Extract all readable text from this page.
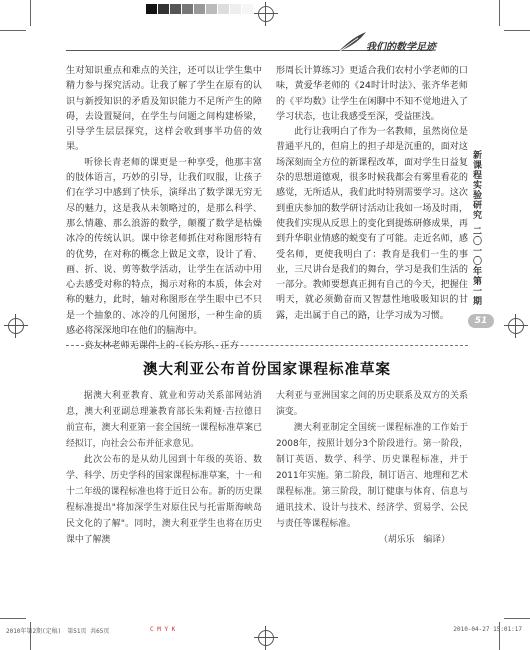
我们的数学足迹
新课程实验研究
二〇一〇年第一期
51

生对知识重点和难点的关注，还可以让学生集中精力参与探究活动。让我了解了学生在原有的认识与新授知识的矛盾及知识能力不足所产生的障碍，去设置疑问，在学生与问题之间构建桥梁，引导学生层层探究，这样会收到事半功倍的效果。

听徐长青老师的课更是一种享受，他那丰富的肢体语言，巧妙的引导，让我们叹服，让孩子们在学习中感到了快乐，演绎出了数学课无穷无尽的魅力，这是我从未领略过的，是那么科学、那么情趣、那么浪游的数学，颠覆了数学是枯燥冰冷的传统认识。课中徐老师抓住对称图形特有的优势，在对称的概念上做足文章，设计了看、画、折、说、剪等数学活动，让学生在活动中用心去感受对称的特点，揭示对称的本质，体会对称的魅力，此时，轴对称图形在学生眼中已不只是一个抽象的、冰冷的几何图形，一种生命的质感必将深深地印在他们的脑海中。

贲友林老师无课件上的《长方形、正方

形周长计算练习》更适合我们农村小学老师的口味，黄爱华老师的《24时计时法》、张齐华老师的《平均数》让学生在闲聊中不知不觉地进入了学习状态，也让我感受至深，受益匪浅。

此行让我明白了作为一名教师，虽然岗位是普通平凡的，但肩上的担子却是沉重的，面对这场深刻而全方位的新课程改革，面对学生日益复杂的思想道德观，很多时候我都会有雾里看花的感觉，无所适从，我们此时特别需要学习。这次到重庆参加的数学研讨活动让我如一场及时雨，使我们实现从反思上的变化到提炼研修成果，再到升华职业情感的蜕变有了可能。走近名师，感受名师，更使我明白了：教育是我们一生的事业，三尺讲台是我们的舞台，学习是我们生活的一部分。教师要想真正拥有自己的今天，把握住明天，就必须勤奋而又智慧性地吸吸知识的甘露，走出属于自己的路，让学习成为习惯。

澳大利亚公布首份国家课程标准草案

据澳大利亚教育、就业和劳动关系部网站消息，澳大利亚副总理兼教育部长朱莉娅·吉拉德日前宣布，澳大利亚第一套全国统一课程标准草案已经拟订，向社会公布并征求意见。

此次公布的是从幼儿园到十年级的英语、数学、科学、历史学科的国家课程标准草案，十一和十二年级的课程标准也将于近日公布。新的历史课程标准提出"将加深学生对原住民与托雷斯海峡岛民文化的了解"。同时，澳大利亚学生也将在历史课中了解澳

大利亚与亚洲国家之间的历史联系及双方的关系演变。

澳大利亚制定全国统一课程标准的工作始于2008年，按照计划分3个阶段进行。第一阶段，制订英语、数学、科学、历史课程标准，并于2011年实施。第二阶段，制订语言、地理和艺术课程标准。第三阶段，制订健康与体育、信息与通讯技术、设计与技术、经济学、贸易学、公民与责任等课程标准。

（胡乐乐　编译）

2010年第2期(定稿)　第51页 共65页	C M Y K	2010-04-27 15:01:17
